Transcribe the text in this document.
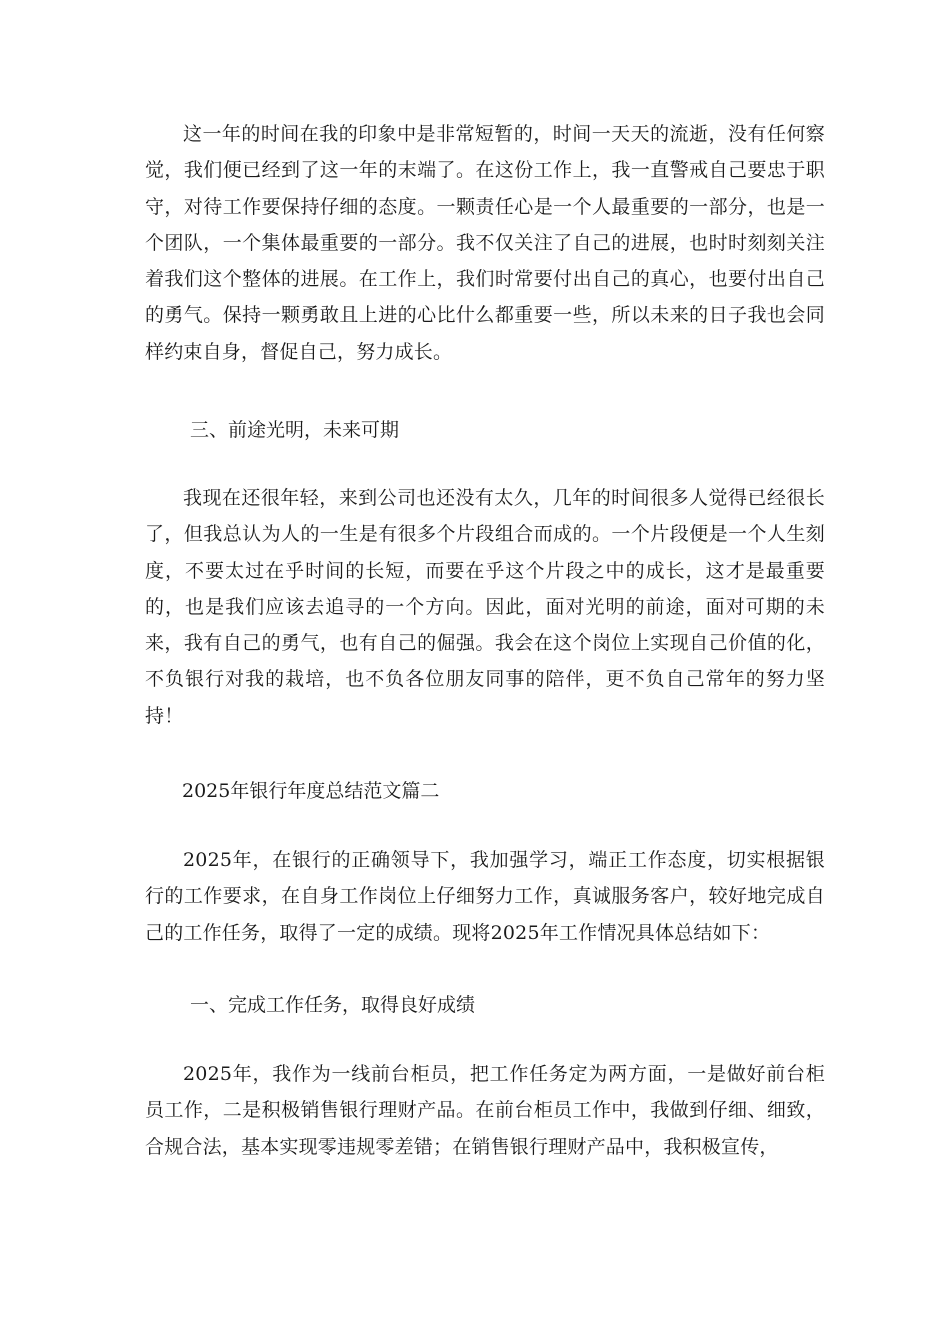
这一年的时间在我的印象中是非常短暂的，时间一天天的流逝，没有任何察觉，我们便已经到了这一年的末端了。在这份工作上，我一直警戒自己要忠于职守，对待工作要保持仔细的态度。一颗责任心是一个人最重要的一部分，也是一个团队，一个集体最重要的一部分。我不仅关注了自己的进展，也时时刻刻关注着我们这个整体的进展。在工作上，我们时常要付出自己的真心，也要付出自己的勇气。保持一颗勇敢且上进的心比什么都重要一些，所以未来的日子我也会同样约束自身，督促自己，努力成长。

三、前途光明，未来可期

我现在还很年轻，来到公司也还没有太久，几年的时间很多人觉得已经很长了，但我总认为人的一生是有很多个片段组合而成的。一个片段便是一个人生刻度，不要太过在乎时间的长短，而要在乎这个片段之中的成长，这才是最重要的，也是我们应该去追寻的一个方向。因此，面对光明的前途，面对可期的未来，我有自己的勇气，也有自己的倔强。我会在这个岗位上实现自己价值的化，不负银行对我的栽培，也不负各位朋友同事的陪伴，更不负自己常年的努力坚持！

2025年银行年度总结范文篇二

2025年，在银行的正确领导下，我加强学习，端正工作态度，切实根据银行的工作要求，在自身工作岗位上仔细努力工作，真诚服务客户，较好地完成自己的工作任务，取得了一定的成绩。现将2025年工作情况具体总结如下：

一、完成工作任务，取得良好成绩

2025年，我作为一线前台柜员，把工作任务定为两方面，一是做好前台柜员工作，二是积极销售银行理财产品。在前台柜员工作中，我做到仔细、细致，合规合法，基本实现零违规零差错；在销售银行理财产品中，我积极宣传，
